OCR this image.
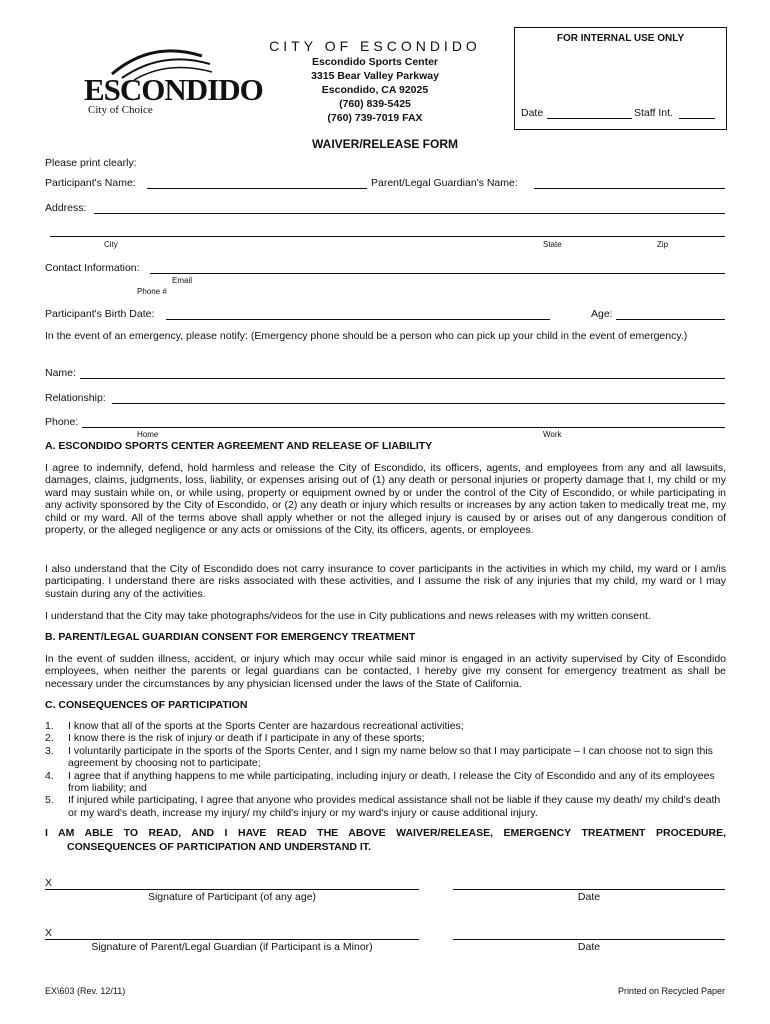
ESCONDIDO
City of Choice
CITY OF ESCONDIDO
Escondido Sports Center
3315 Bear Valley Parkway
Escondido, CA 92025
(760) 839-5425
(760) 739-7019 FAX
FOR INTERNAL USE ONLY
Date	Staff Int.
WAIVER/RELEASE FORM
Please print clearly:
Participant's Name:	Parent/Legal Guardian's Name:
Address:
City	State	Zip
Contact Information:
Email
Phone #
Participant's Birth Date:	Age:
In the event of an emergency, please notify: (Emergency phone should be a person who can pick up your child in the event of emergency.)
Name:
Relationship:
Phone:
Home	Work
A. ESCONDIDO SPORTS CENTER AGREEMENT AND RELEASE OF LIABILITY
I agree to indemnify, defend, hold harmless and release the City of Escondido, its officers, agents, and employees from any and all lawsuits, damages, claims, judgments, loss, liability, or expenses arising out of (1) any death or personal injuries or property damage that I, my child or my ward may sustain while on, or while using, property or equipment owned by or under the control of the City of Escondido, or while participating in any activity sponsored by the City of Escondido, or (2) any death or injury which results or increases by any action taken to medically treat me, my child or my ward. All of the terms above shall apply whether or not the alleged injury is caused by or arises out of any dangerous condition of property, or the alleged negligence or any acts or omissions of the City, its officers, agents, or employees.
I also understand that the City of Escondido does not carry insurance to cover participants in the activities in which my child, my ward or I am/is participating. I understand there are risks associated with these activities, and I assume the risk of any injuries that my child, my ward or I may sustain during any of the activities.
I understand that the City may take photographs/videos for the use in City publications and news releases with my written consent.
B. PARENT/LEGAL GUARDIAN CONSENT FOR EMERGENCY TREATMENT
In the event of sudden illness, accident, or injury which may occur while said minor is engaged in an activity supervised by City of Escondido employees, when neither the parents or legal guardians can be contacted, I hereby give my consent for emergency treatment as shall be necessary under the circumstances by any physician licensed under the laws of the State of California.
C. CONSEQUENCES OF PARTICIPATION
1. I know that all of the sports at the Sports Center are hazardous recreational activities;
2. I know there is the risk of injury or death if I participate in any of these sports;
3. I voluntarily participate in the sports of the Sports Center, and I sign my name below so that I may participate – I can choose not to sign this agreement by choosing not to participate;
4. I agree that if anything happens to me while participating, including injury or death, I release the City of Escondido and any of its employees from liability; and
5. If injured while participating, I agree that anyone who provides medical assistance shall not be liable if they cause my death/ my child's death or my ward's death, increase my injury/ my child's injury or my ward's injury or cause additional injury.
I AM ABLE TO READ, AND I HAVE READ THE ABOVE WAIVER/RELEASE, EMERGENCY TREATMENT PROCEDURE,
CONSEQUENCES OF PARTICIPATION AND UNDERSTAND IT.
X
Signature of Participant (of any age)	Date
X
Signature of Parent/Legal Guardian (if Participant is a Minor)	Date
EX\603 (Rev. 12/11)	Printed on Recycled Paper
